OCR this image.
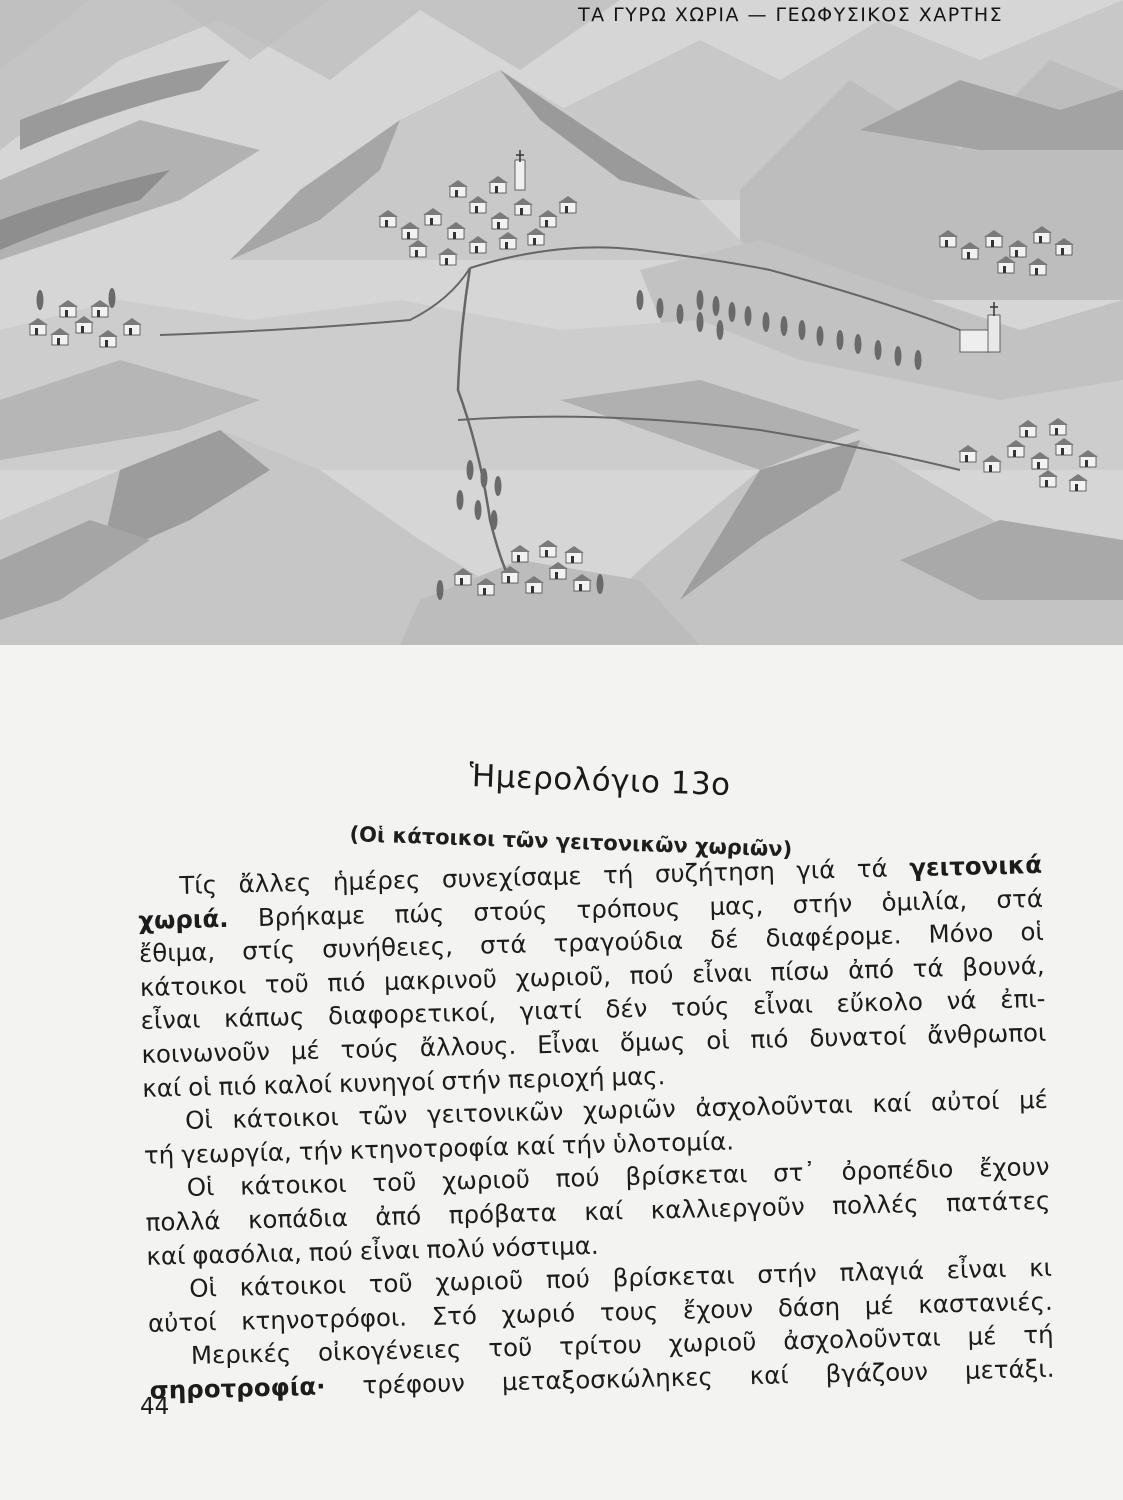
ΤΑ ΓΥΡΩ ΧΩΡΙΑ — ΓΕΩΦΥΣΙΚΟΣ ΧΑΡΤΗΣ
Ἡμερολόγιο 13ο
(Οἱ κάτοικοι τῶν γειτονικῶν χωριῶν)
Τίς ἄλλες ἡμέρες συνεχίσαμε τή συζήτηση γιά τά γειτονικά
χωριά. Βρήκαμε πώς στούς τρόπους μας, στήν ὁμιλία, στά
ἔθιμα, στίς συνήθειες, στά τραγούδια δέ διαφέρομε. Μόνο οἱ
κάτοικοι τοῦ πιό μακρινοῦ χωριοῦ, πού εἶναι πίσω ἀπό τά βουνά,
εἶναι κάπως διαφορετικοί, γιατί δέν τούς εἶναι εὔκολο νά ἐπι-
κοινωνοῦν μέ τούς ἄλλους. Εἶναι ὅμως οἱ πιό δυνατοί ἄνθρωποι
καί οἱ πιό καλοί κυνηγοί στήν περιοχή μας.
Οἱ κάτοικοι τῶν γειτονικῶν χωριῶν ἀσχολοῦνται καί αὐτοί μέ
τή γεωργία, τήν κτηνοτροφία καί τήν ὑλοτομία.
Οἱ κάτοικοι τοῦ χωριοῦ πού βρίσκεται στ᾿ ὀροπέδιο ἔχουν
πολλά κοπάδια ἀπό πρόβατα καί καλλιεργοῦν πολλές πατάτες
καί φασόλια, πού εἶναι πολύ νόστιμα.
Οἱ κάτοικοι τοῦ χωριοῦ πού βρίσκεται στήν πλαγιά εἶναι κι
αὐτοί κτηνοτρόφοι. Στό χωριό τους ἔχουν δάση μέ καστανιές.
Μερικές οἰκογένειες τοῦ τρίτου χωριοῦ ἀσχολοῦνται μέ τή
σηροτροφία· τρέφουν μεταξοσκώληκες καί βγάζουν μετάξι.
44
